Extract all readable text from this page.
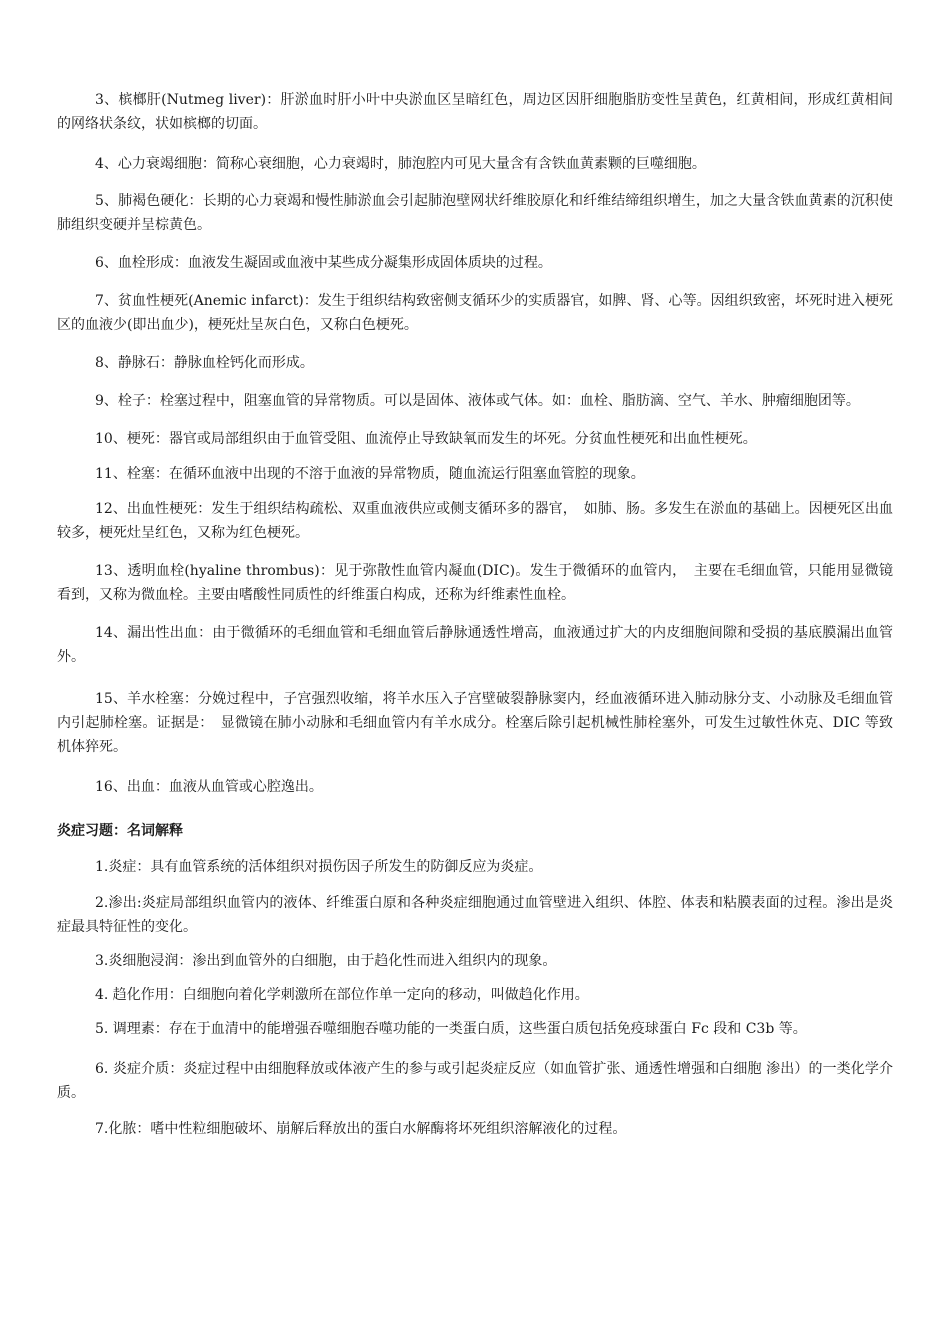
3、槟榔肝(Nutmeg liver)：肝淤血时肝小叶中央淤血区呈暗红色，周边区因肝细胞脂肪变性呈黄色，红黄相间，形成红黄相间的网络状条纹，状如槟榔的切面。

4、心力衰竭细胞：简称心衰细胞，心力衰竭时，肺泡腔内可见大量含有含铁血黄素颗的巨噬细胞。

5、肺褐色硬化：长期的心力衰竭和慢性肺淤血会引起肺泡壁网状纤维胶原化和纤维结缔组织增生，加之大量含铁血黄素的沉积使肺组织变硬并呈棕黄色。

6、血栓形成：血液发生凝固或血液中某些成分凝集形成固体质块的过程。

7、贫血性梗死(Anemic infarct)：发生于组织结构致密侧支循环少的实质器官，如脾、肾、心等。因组织致密，坏死时进入梗死区的血液少(即出血少)，梗死灶呈灰白色，又称白色梗死。

8、静脉石：静脉血栓钙化而形成。

9、栓子：栓塞过程中，阻塞血管的异常物质。可以是固体、液体或气体。如：血栓、脂肪滴、空气、羊水、肿瘤细胞团等。

10、梗死：器官或局部组织由于血管受阻、血流停止导致缺氧而发生的坏死。分贫血性梗死和出血性梗死。

11、栓塞：在循环血液中出现的不溶于血液的异常物质，随血流运行阻塞血管腔的现象。

12、出血性梗死：发生于组织结构疏松、双重血液供应或侧支循环多的器官，　如肺、肠。多发生在淤血的基础上。因梗死区出血较多，梗死灶呈红色，又称为红色梗死。

13、透明血栓(hyaline thrombus)：见于弥散性血管内凝血(DIC)。发生于微循环的血管内，　主要在毛细血管，只能用显微镜看到，又称为微血栓。主要由嗜酸性同质性的纤维蛋白构成，还称为纤维素性血栓。

14、漏出性出血：由于微循环的毛细血管和毛细血管后静脉通透性增高，血液通过扩大的内皮细胞间隙和受损的基底膜漏出血管外。

15、羊水栓塞：分娩过程中，子宫强烈收缩，将羊水压入子宫壁破裂静脉窦内，经血液循环进入肺动脉分支、小动脉及毛细血管内引起肺栓塞。证据是：　显微镜在肺小动脉和毛细血管内有羊水成分。栓塞后除引起机械性肺栓塞外，可发生过敏性休克、DIC 等致机体猝死。

16、出血：血液从血管或心腔逸出。

炎症习题：名词解释

1.炎症：具有血管系统的活体组织对损伤因子所发生的防御反应为炎症。

2.渗出:炎症局部组织血管内的液体、纤维蛋白原和各种炎症细胞通过血管壁进入组织、体腔、体表和粘膜表面的过程。渗出是炎症最具特征性的变化。

3.炎细胞浸润：渗出到血管外的白细胞，由于趋化性而进入组织内的现象。

4. 趋化作用：白细胞向着化学刺激所在部位作单一定向的移动，叫做趋化作用。

5. 调理素：存在于血清中的能增强吞噬细胞吞噬功能的一类蛋白质，这些蛋白质包括免疫球蛋白 Fc 段和 C3b 等。

6. 炎症介质：炎症过程中由细胞释放或体液产生的参与或引起炎症反应（如血管扩张、通透性增强和白细胞 渗出）的一类化学介质。

7.化脓：嗜中性粒细胞破坏、崩解后释放出的蛋白水解酶将坏死组织溶解液化的过程。
